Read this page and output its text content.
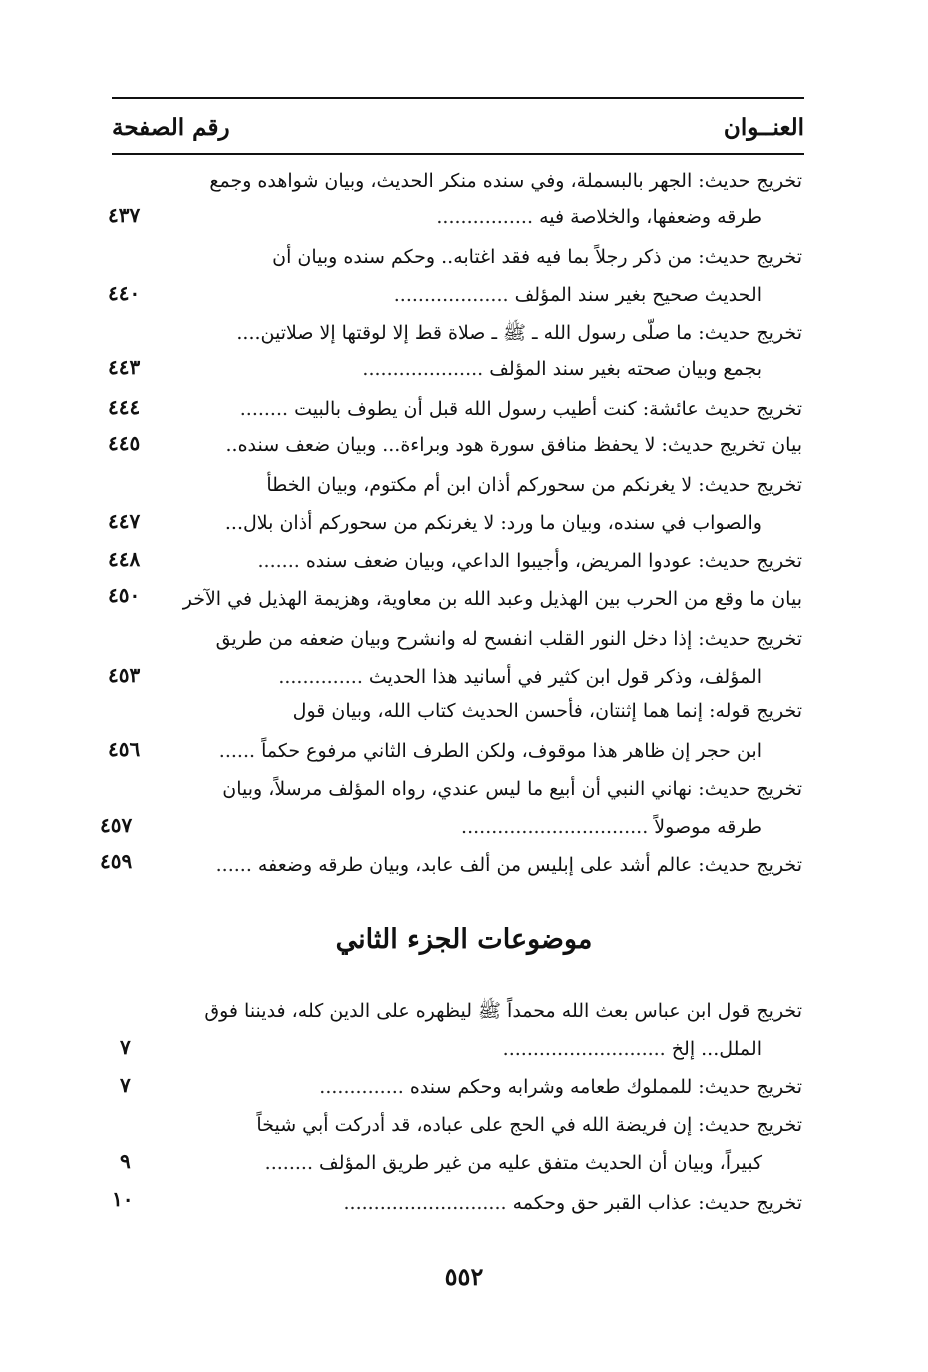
العنــوان
رقم الصفحة
تخريج حديث: الجهر بالبسملة، وفي سنده منكر الحديث، وبيان شواهده وجمع
طرقه وضعفها، والخلاصة فيه ................
٤٣٧
تخريج حديث: من ذكر رجلاً بما فيه فقد اغتابه.. وحكم سنده وبيان أن
الحديث صحيح بغير سند المؤلف ...................
٤٤٠
تخريج حديث: ما صلّى رسول الله ـ ﷺ ـ صلاة قط إلا لوقتها إلا صلاتين....
بجمع وبيان صحته بغير سند المؤلف ....................
٤٤٣
تخريج حديث عائشة: كنت أطيب رسول الله قبل أن يطوف بالبيت ........
٤٤٤
بيان تخريج حديث: لا يحفظ منافق سورة هود وبراءة... وبيان ضعف سنده..
٤٤٥
تخريج حديث: لا يغرنكم من سحوركم أذان ابن أم مكتوم، وبيان الخطأ
والصواب في سنده، وبيان ما ورد: لا يغرنكم من سحوركم أذان بلال...
٤٤٧
تخريج حديث: عودوا المريض، وأجيبوا الداعي، وبيان ضعف سنده .......
٤٤٨
بيان ما وقع من الحرب بين الهذيل وعبد الله بن معاوية، وهزيمة الهذيل في الآخر
٤٥٠
تخريج حديث: إذا دخل النور القلب انفسح له وانشرح وبيان ضعفه من طريق
المؤلف، وذكر قول ابن كثير في أسانيد هذا الحديث ..............
٤٥٣
تخريج قوله: إنما هما إثنتان، فأحسن الحديث كتاب الله، وبيان قول
ابن حجر إن ظاهر هذا موقوف، ولكن الطرف الثاني مرفوع حكماً ......
٤٥٦
تخريج حديث: نهاني النبي أن أبيع ما ليس عندي، رواه المؤلف مرسلاً، وبيان
طرقه موصولاً ...............................
٤٥٧
تخريج حديث: عالم أشد على إبليس من ألف عابد، وبيان طرقه وضعفه ......
٤٥٩
موضوعات الجزء الثاني
تخريج قول ابن عباس بعث الله محمداً ﷺ ليظهره على الدين كله، فديننا فوق
الملل... إلخ ...........................
٧
تخريج حديث: للمملوك طعامه وشرابه وحكم سنده ..............
٧
تخريج حديث: إن فريضة الله في الحج على عباده، قد أدركت أبي شيخاً
كبيراً، وبيان أن الحديث متفق عليه من غير طريق المؤلف ........
٩
تخريج حديث: عذاب القبر حق وحكمه ...........................
١٠
٥٥٢
